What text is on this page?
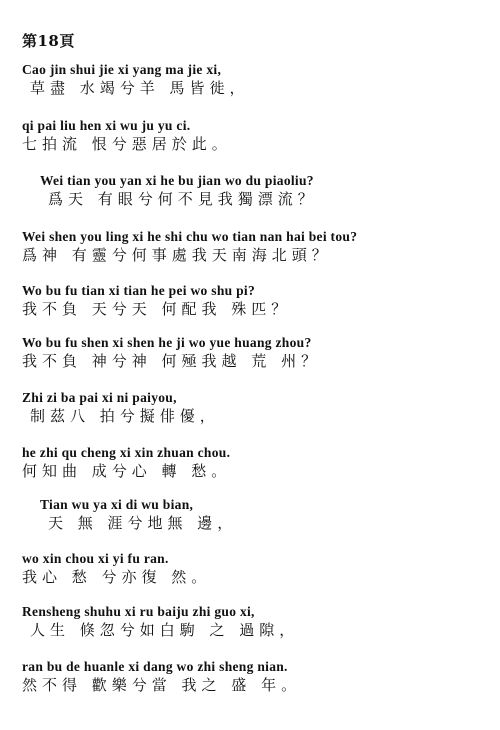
第18頁
Cao jin shui jie xi yang ma jie xi,
草盡 水竭兮羊 馬皆徙，
qi pai liu hen xi wu ju yu ci.
七拍流 恨兮惡居於此。
Wei tian you yan xi he bu jian wo du piaoliu?
爲天 有眼兮何不見我獨漂流？
Wei shen you ling xi he shi chu wo tian nan hai bei tou?
爲神 有靈兮何事處我天南海北頭？
Wo bu fu tian xi tian he pei wo shu pi?
我不負 天兮天 何配我 殊匹？
Wo bu fu shen xi shen he ji wo yue huang zhou?
我不負 神兮神 何殛我越 荒 州？
Zhi zi ba pai xi ni paiyou,
制茲八 拍兮擬俳優，
he zhi qu cheng xi xin zhuan chou.
何知曲 成兮心 轉 愁。
Tian wu ya xi di wu bian,
天 無 涯兮地無 邊，
wo xin chou xi yi fu ran.
我心 愁 兮亦復 然。
Rensheng shuhu xi ru baiju zhi guo xi,
人生 倏忽兮如白駒 之 過隙，
ran bu de huanle xi dang wo zhi sheng nian.
然不得 歡樂兮當 我之 盛 年。
